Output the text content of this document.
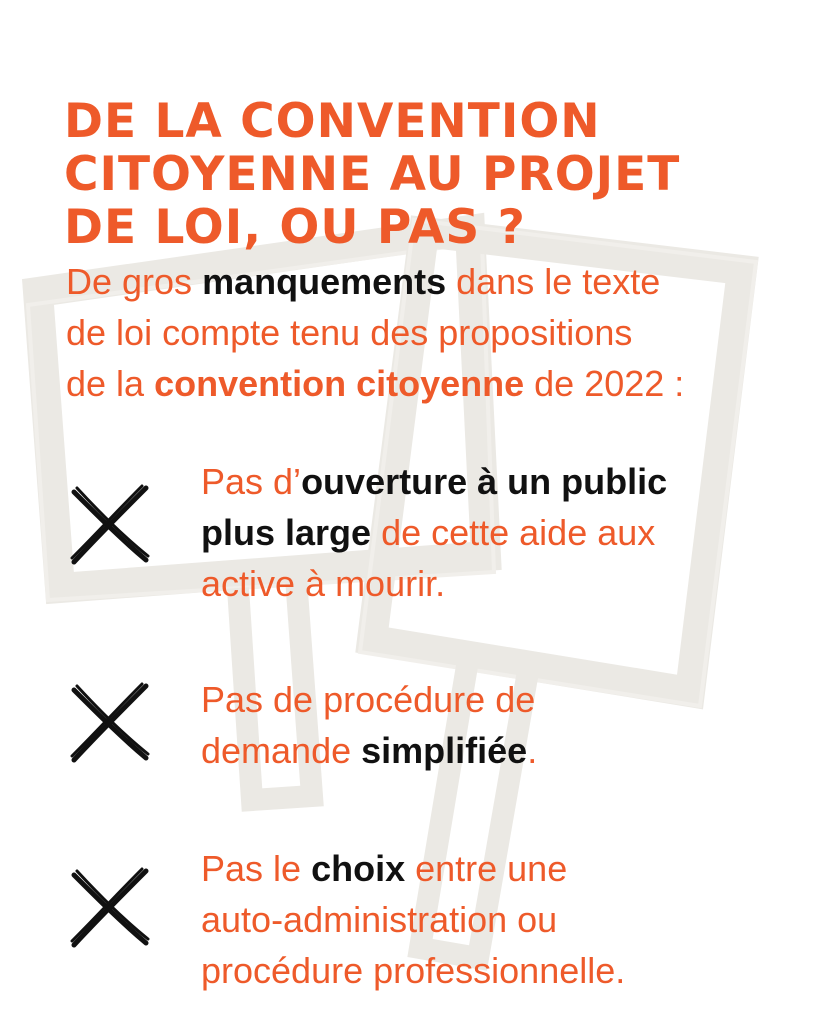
DE LA CONVENTION
CITOYENNE AU PROJET
DE LOI, OU PAS ?
De gros manquements dans le texte
de loi compte tenu des propositions
de la convention citoyenne de 2022 :
Pas d’ouverture à un public
plus large de cette aide aux
active à mourir.
Pas de procédure de
demande simplifiée.
Pas le choix entre une
auto-administration ou
procédure professionnelle.
